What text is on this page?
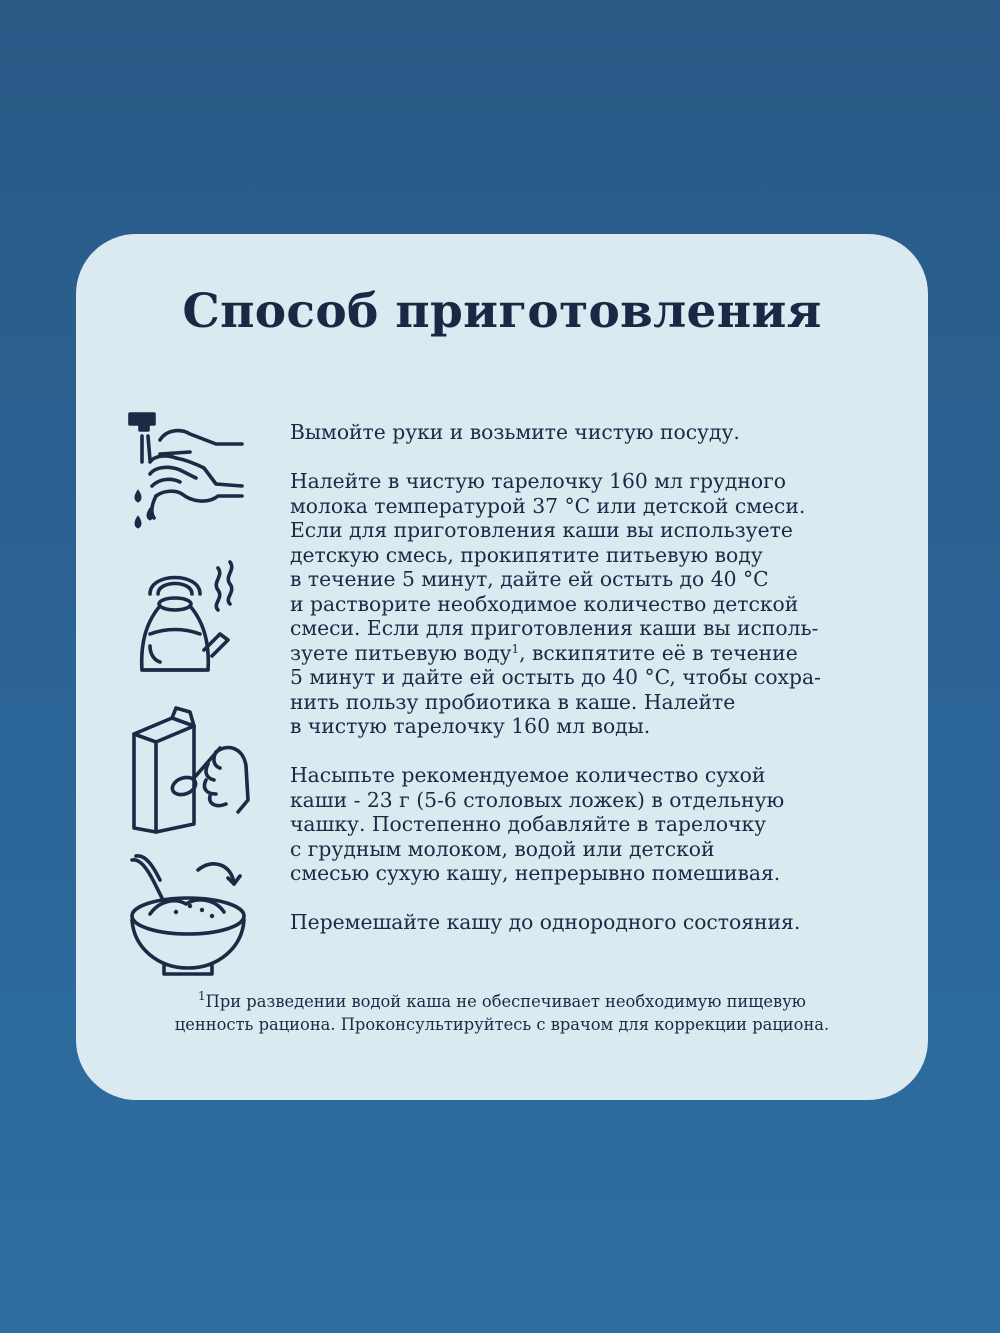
Способ приготовления

Вымойте руки и возьмите чистую посуду.

Налейте в чистую тарелочку 160 мл грудного
молока температурой 37 °C или детской смеси.
Если для приготовления каши вы используете
детскую смесь, прокипятите питьевую воду
в течение 5 минут, дайте ей остыть до 40 °C
и растворите необходимое количество детской
смеси. Если для приготовления каши вы исполь-
зуете питьевую воду$^1$, вскипятите её в течение
5 минут и дайте ей остыть до 40 °C, чтобы сохра-
нить пользу пробиотика в каше. Налейте
в чистую тарелочку 160 мл воды.

Насыпьте рекомендуемое количество сухой
каши - 23 г (5-6 столовых ложек) в отдельную
чашку. Постепенно добавляйте в тарелочку
с грудным молоком, водой или детской
смесью сухую кашу, непрерывно помешивая.

Перемешайте кашу до однородного состояния.

$^1$При разведении водой каша не обеспечивает необходимую пищевую
ценность рациона. Проконсультируйтесь с врачом для коррекции рациона.
